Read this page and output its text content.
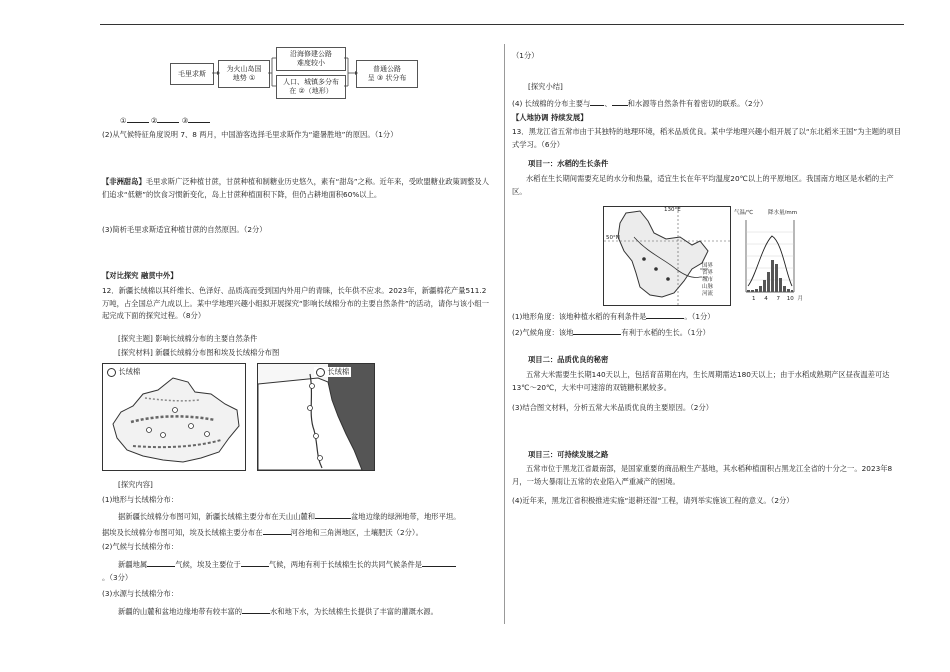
毛里求斯
为火山岛国
地势 ①
沿海修建公路
难度较小
人口、城镇多分布
在 ②（地形）
普通公路
呈 ③ 状分布
①	②	③
(2)从气候特征角度说明 7、8 两月，中国游客选择毛里求斯作为“避暑胜地”的原因。（1分）
【非洲甜岛】毛里求斯广泛种植甘蔗，甘蔗种植和制糖业历史悠久，素有“甜岛”之称。近年来，受欧盟糖业政策调整及人们追求“低糖”的饮食习惯新变化，岛上甘蔗种植面积下降，但仍占耕地面积60%以上。
(3)简析毛里求斯适宜种植甘蔗的自然原因。（2分）
【对比探究 融贯中外】
12．新疆长绒棉以其纤维长、色泽好、品质高而受到国内外用户的青睐，长年供不应求。2023年，新疆棉花产量511.2 万吨，占全国总产九成以上。某中学地理兴趣小组拟开展探究“影响长绒棉分布的主要自然条件”的活动，请你与该小组一起完成下面的探究过程。（8分）
[探究主题] 影响长绒棉分布的主要自然条件
[探究材料] 新疆长绒棉分布图和埃及长绒棉分布图
长绒棉	长绒棉
[探究内容]
(1)地形与长绒棉分布：
据新疆长绒棉分布图可知，新疆长绒棉主要分布在天山山麓和	盆地边缘的绿洲地带，地形平坦。
据埃及长绒棉分布图可知，埃及长绒棉主要分布在	河谷地和三角洲地区，土壤肥沃（2分）。
(2)气候与长绒棉分布：
新疆地属	气候，埃及主要位于	气候，两地有利于长绒棉生长的共同气候条件是
。（3分）
(3)水源与长绒棉分布：
新疆的山麓和盆地边缘地带有较丰富的	水和地下水，为长绒棉生长提供了丰富的灌溉水源。
（1分）
[探究小结]
(4) 长绒棉的分布主要与 、 和水源等自然条件有着密切的联系。（2分）
【人地协调 持续发展】
13．黑龙江省五常市由于其独特的地理环境，稻米品质优良。某中学地理兴趣小组开展了以“东北稻米王国”为主题的项目式学习。（6分）
项目一：水稻的生长条件
水稻在生长期间需要充足的水分和热量，适宜生长在年平均温度20℃以上的平原地区。我国南方地区是水稻的主产区。
130°E
50°N
国界
省界
城市
山脉
河流
气温/℃	降水量/mm
1 4 7 10 月
(1)地形角度：该地种植水稻的有利条件是	。（1分）
(2)气候角度：该地	有利于水稻的生长。（1分）
项目二：品质优良的秘密
五常大米需要生长期140天以上，包括育苗期在内，生长周期需达180天以上；由于水稻成熟期产区昼夜温差可达13℃～20℃，大米中可速溶的双链糖积累较多。
(3)结合图文材料，分析五常大米品质优良的主要原因。（2分）
项目三：可持续发展之路
五常市位于黑龙江省最南部，是国家重要的商品粮生产基地，其水稻种植面积占黑龙江全省的十分之一。2023年8月，一场大暴雨让五常的农业陷入严重减产的困境。
(4)近年来，黑龙江省积极推进实施“退耕还湿”工程，请列举实施该工程的意义。（2分）
